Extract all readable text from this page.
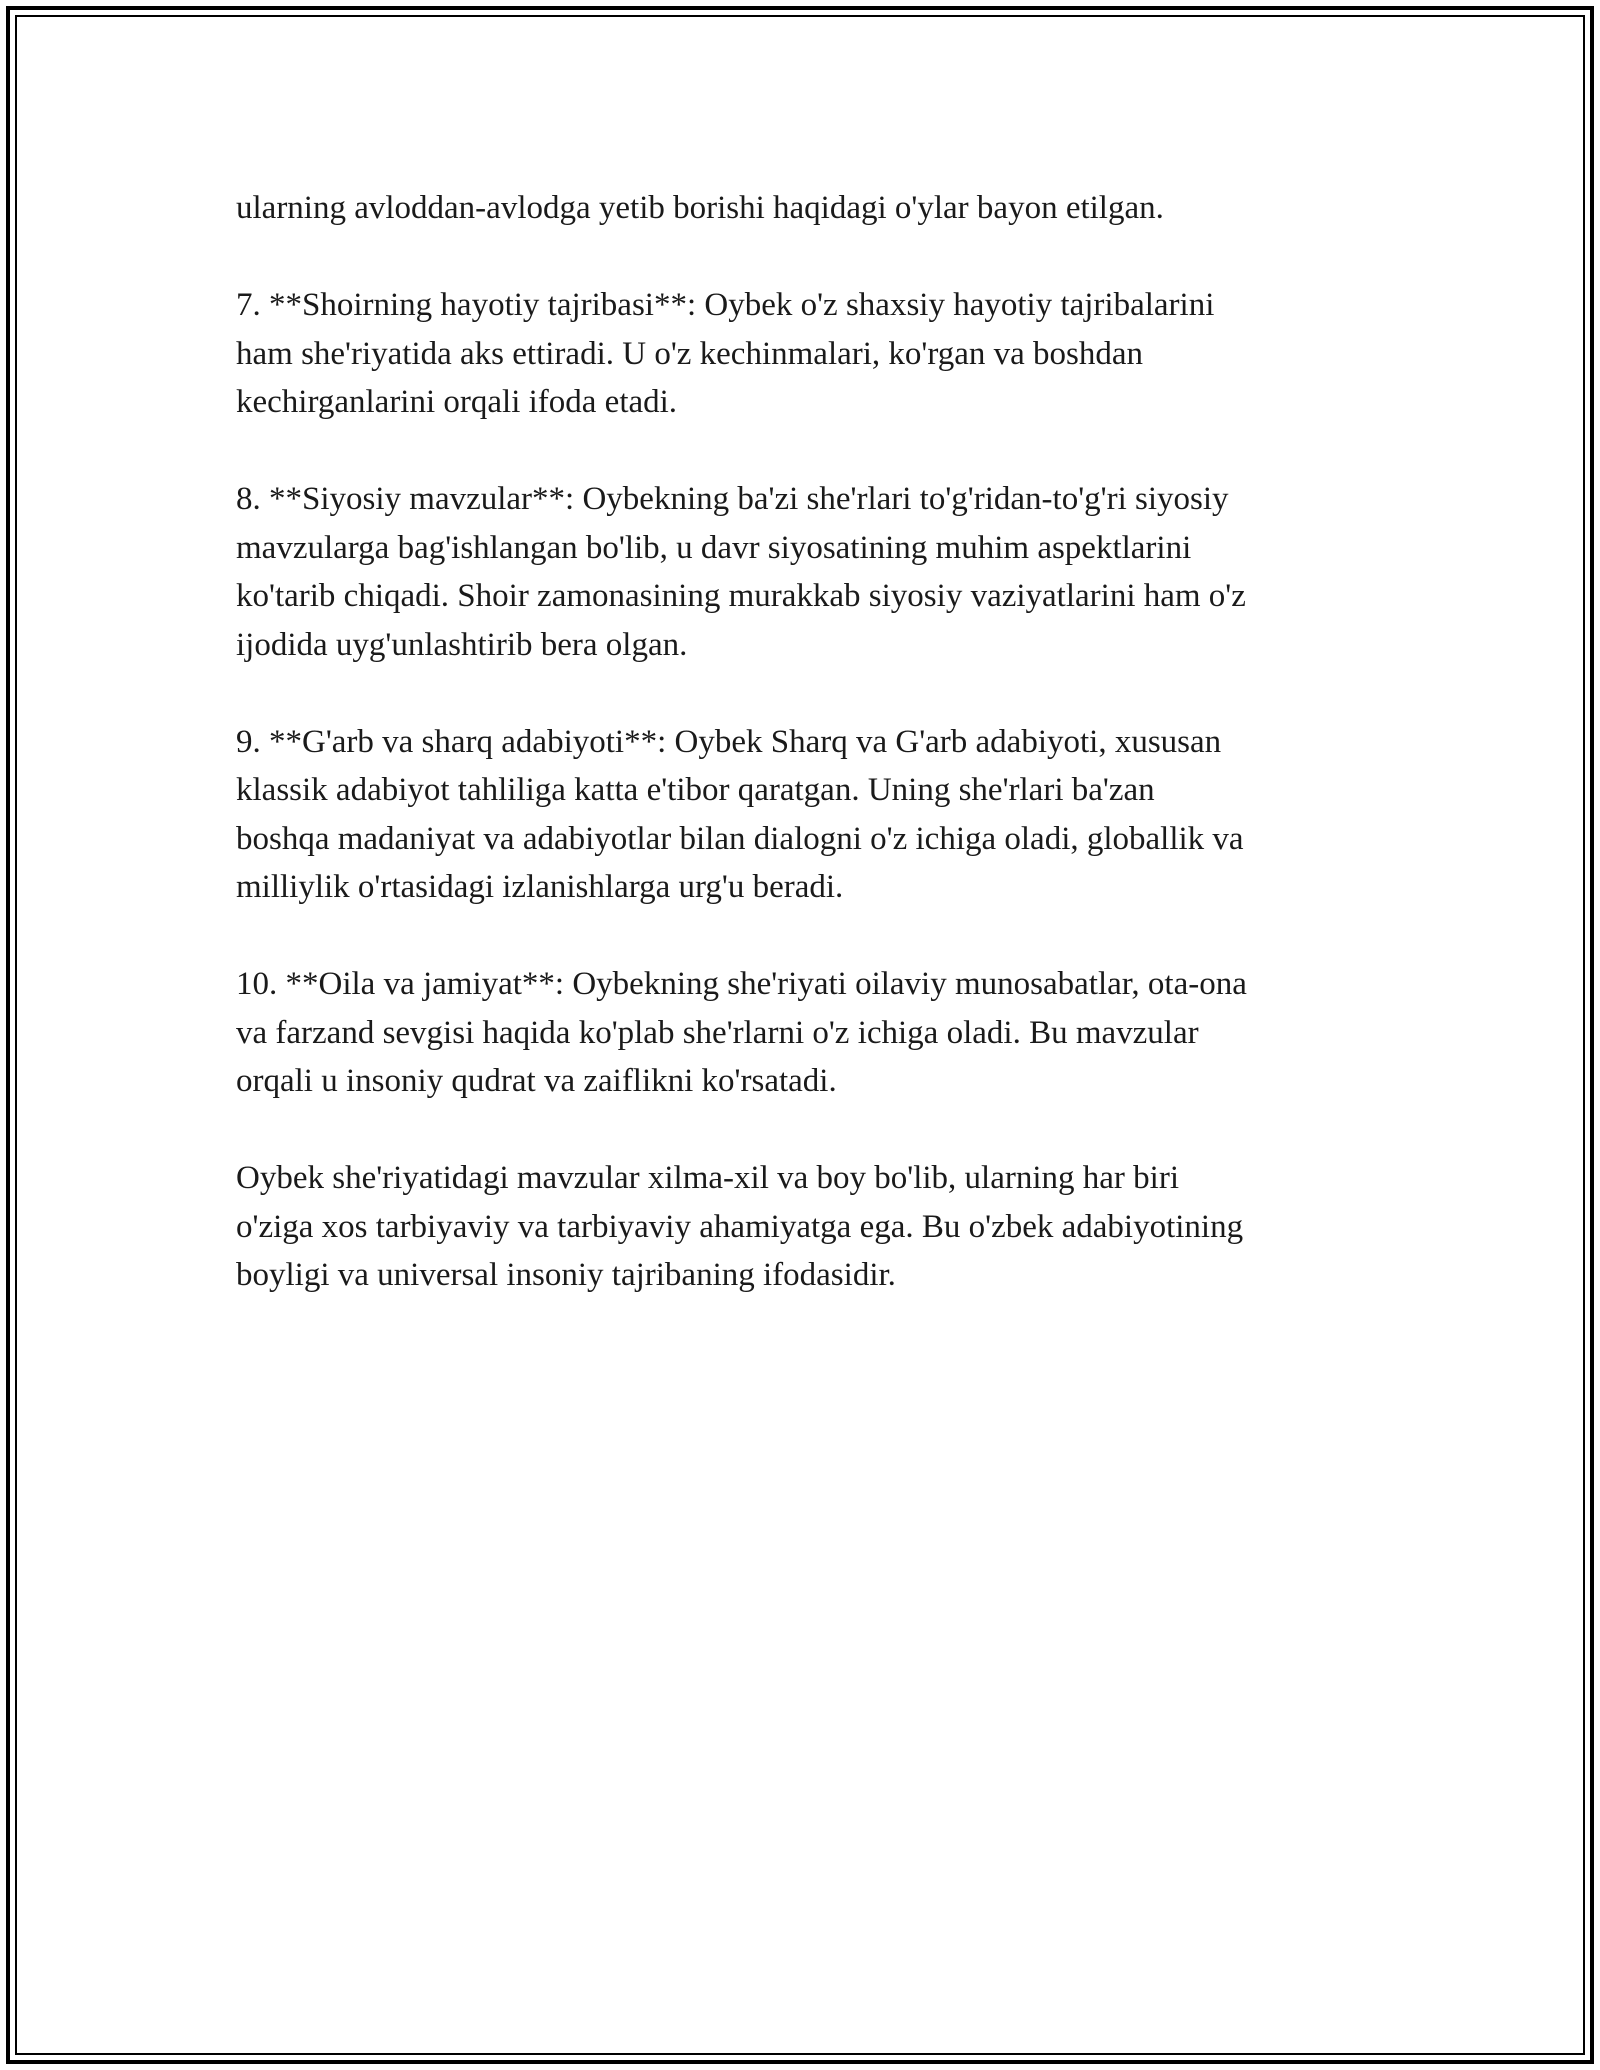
ularning avloddan-avlodga yetib borishi haqidagi o'ylar bayon etilgan.

7. **Shoirning hayotiy tajribasi**: Oybek o'z shaxsiy hayotiy tajribalarini
ham she'riyatida aks ettiradi. U o'z kechinmalari, ko'rgan va boshdan
kechirganlarini orqali ifoda etadi.

8. **Siyosiy mavzular**: Oybekning ba'zi she'rlari to'g'ridan-to'g'ri siyosiy
mavzularga bag'ishlangan bo'lib, u davr siyosatining muhim aspektlarini
ko'tarib chiqadi. Shoir zamonasining murakkab siyosiy vaziyatlarini ham o'z
ijodida uyg'unlashtirib bera olgan.

9. **G'arb va sharq adabiyoti**: Oybek Sharq va G'arb adabiyoti, xususan
klassik adabiyot tahliliga katta e'tibor qaratgan. Uning she'rlari ba'zan
boshqa madaniyat va adabiyotlar bilan dialogni o'z ichiga oladi, globallik va
milliylik o'rtasidagi izlanishlarga urg'u beradi.

10. **Oila va jamiyat**: Oybekning she'riyati oilaviy munosabatlar, ota-ona
va farzand sevgisi haqida ko'plab she'rlarni o'z ichiga oladi. Bu mavzular
orqali u insoniy qudrat va zaiflikni ko'rsatadi.

Oybek she'riyatidagi mavzular xilma-xil va boy bo'lib, ularning har biri
o'ziga xos tarbiyaviy va tarbiyaviy ahamiyatga ega. Bu o'zbek adabiyotining
boyligi va universal insoniy tajribaning ifodasidir.
